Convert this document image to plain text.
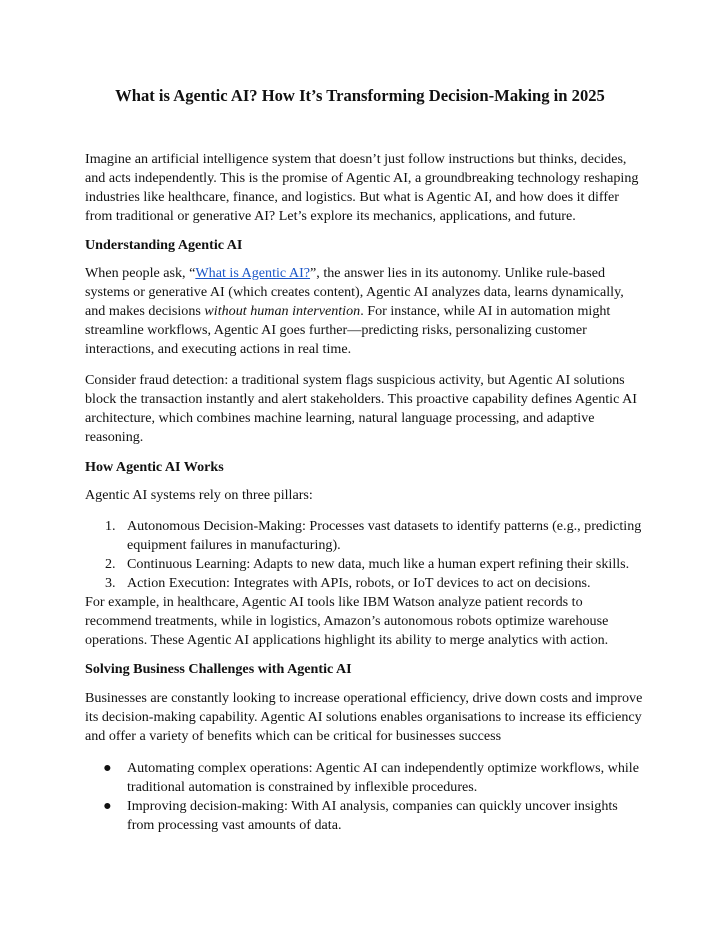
What is Agentic AI? How It’s Transforming Decision-Making in 2025

Imagine an artificial intelligence system that doesn’t just follow instructions but thinks, decides, and acts independently. This is the promise of Agentic AI, a groundbreaking technology reshaping industries like healthcare, finance, and logistics. But what is Agentic AI, and how does it differ from traditional or generative AI? Let’s explore its mechanics, applications, and future.

Understanding Agentic AI

When people ask, “What is Agentic AI?”, the answer lies in its autonomy. Unlike rule-based systems or generative AI (which creates content), Agentic AI analyzes data, learns dynamically, and makes decisions without human intervention. For instance, while AI in automation might streamline workflows, Agentic AI goes further—predicting risks, personalizing customer interactions, and executing actions in real time.

Consider fraud detection: a traditional system flags suspicious activity, but Agentic AI solutions block the transaction instantly and alert stakeholders. This proactive capability defines Agentic AI architecture, which combines machine learning, natural language processing, and adaptive reasoning.

How Agentic AI Works

Agentic AI systems rely on three pillars:

1. Autonomous Decision-Making: Processes vast datasets to identify patterns (e.g., predicting equipment failures in manufacturing).
2. Continuous Learning: Adapts to new data, much like a human expert refining their skills.
3. Action Execution: Integrates with APIs, robots, or IoT devices to act on decisions.

For example, in healthcare, Agentic AI tools like IBM Watson analyze patient records to recommend treatments, while in logistics, Amazon’s autonomous robots optimize warehouse operations. These Agentic AI applications highlight its ability to merge analytics with action.

Solving Business Challenges with Agentic AI

Businesses are constantly looking to increase operational efficiency, drive down costs and improve its decision-making capability. Agentic AI solutions enables organisations to increase its efficiency and offer a variety of benefits which can be critical for businesses success

●	Automating complex operations: Agentic AI can independently optimize workflows, while traditional automation is constrained by inflexible procedures.
●	Improving decision-making: With AI analysis, companies can quickly uncover insights from processing vast amounts of data.
